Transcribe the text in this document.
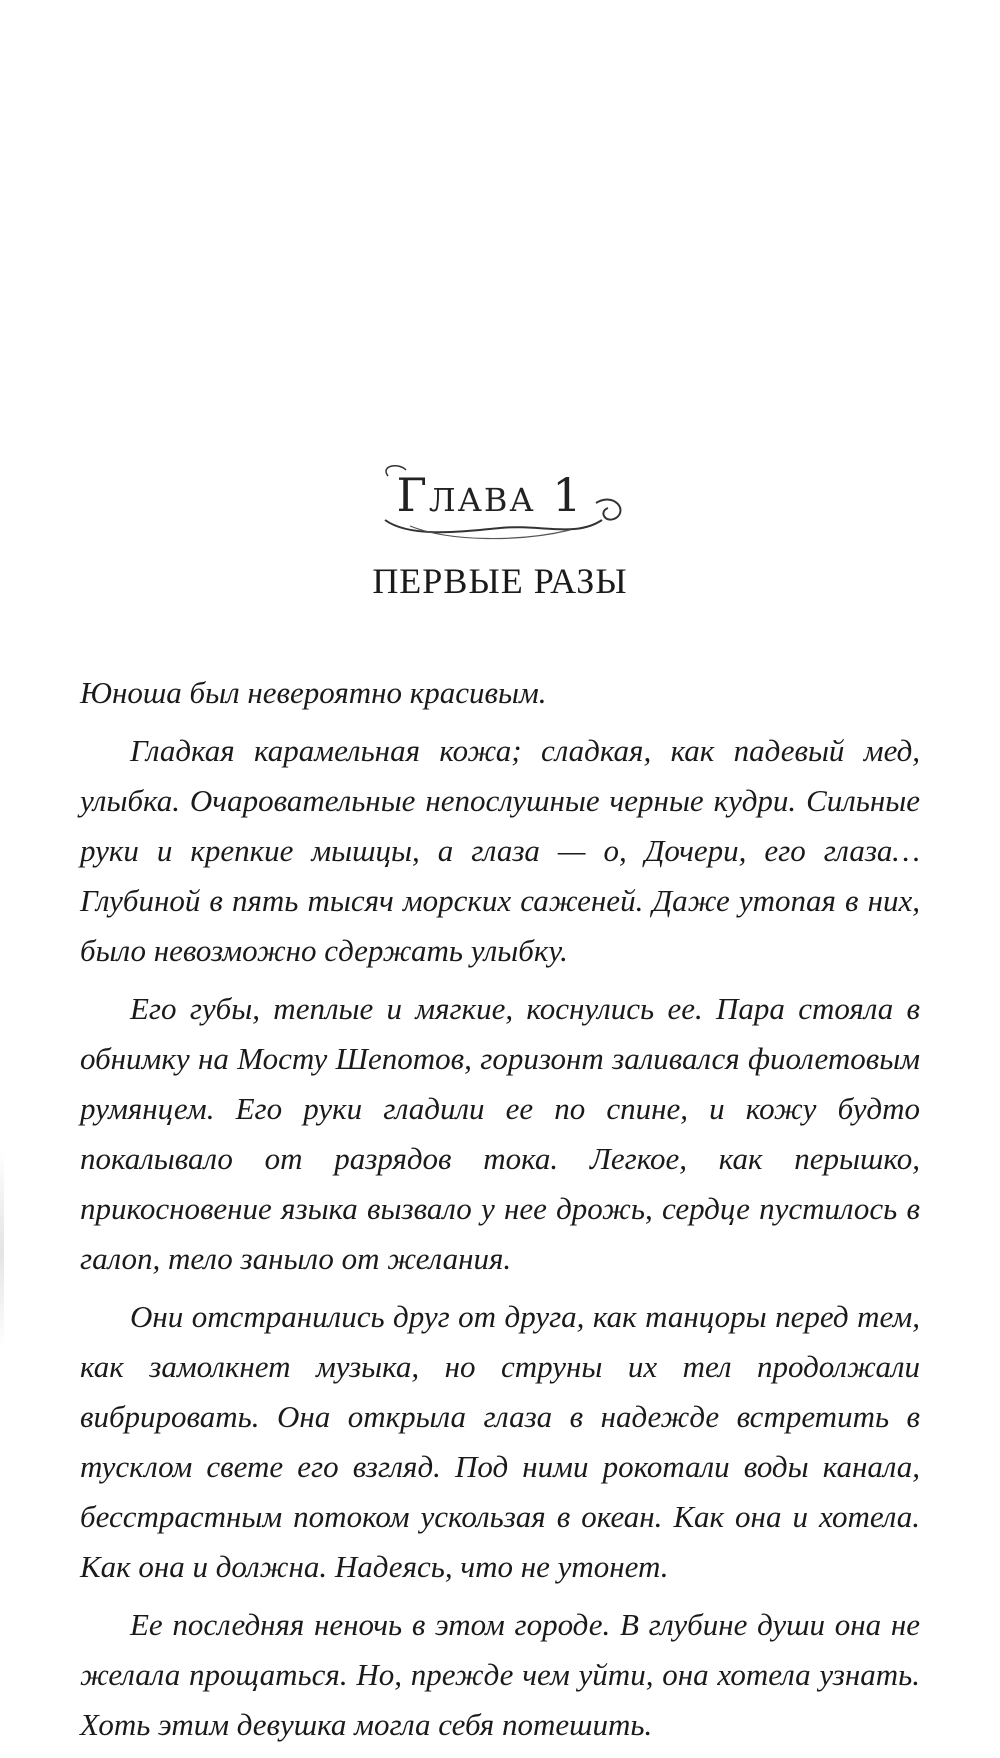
Глава 1
ПЕРВЫЕ РАЗЫ

Юноша был невероятно красивым.

Гладкая карамельная кожа; сладкая, как падевый мед, улыбка. Очаровательные непослушные черные кудри. Сильные руки и крепкие мышцы, а глаза — о, Дочери, его глаза… Глубиной в пять тысяч морских саженей. Даже утопая в них, было невозможно сдержать улыбку.

Его губы, теплые и мягкие, коснулись ее. Пара стояла в обнимку на Мосту Шепотов, горизонт заливался фиолетовым румянцем. Его руки гладили ее по спине, и кожу будто покалывало от разрядов тока. Легкое, как перышко, прикосновение языка вызвало у нее дрожь, сердце пустилось в галоп, тело заныло от желания.

Они отстранились друг от друга, как танцоры перед тем, как замолкнет музыка, но струны их тел продолжали вибрировать. Она открыла глаза в надежде встретить в тусклом свете его взгляд. Под ними рокотали воды канала, бесстрастным потоком ускользая в океан. Как она и хотела. Как она и должна. Надеясь, что не утонет.

Ее последняя неночь в этом городе. В глубине души она не желала прощаться. Но, прежде чем уйти, она хотела узнать. Хоть этим девушка могла себя потешить.
